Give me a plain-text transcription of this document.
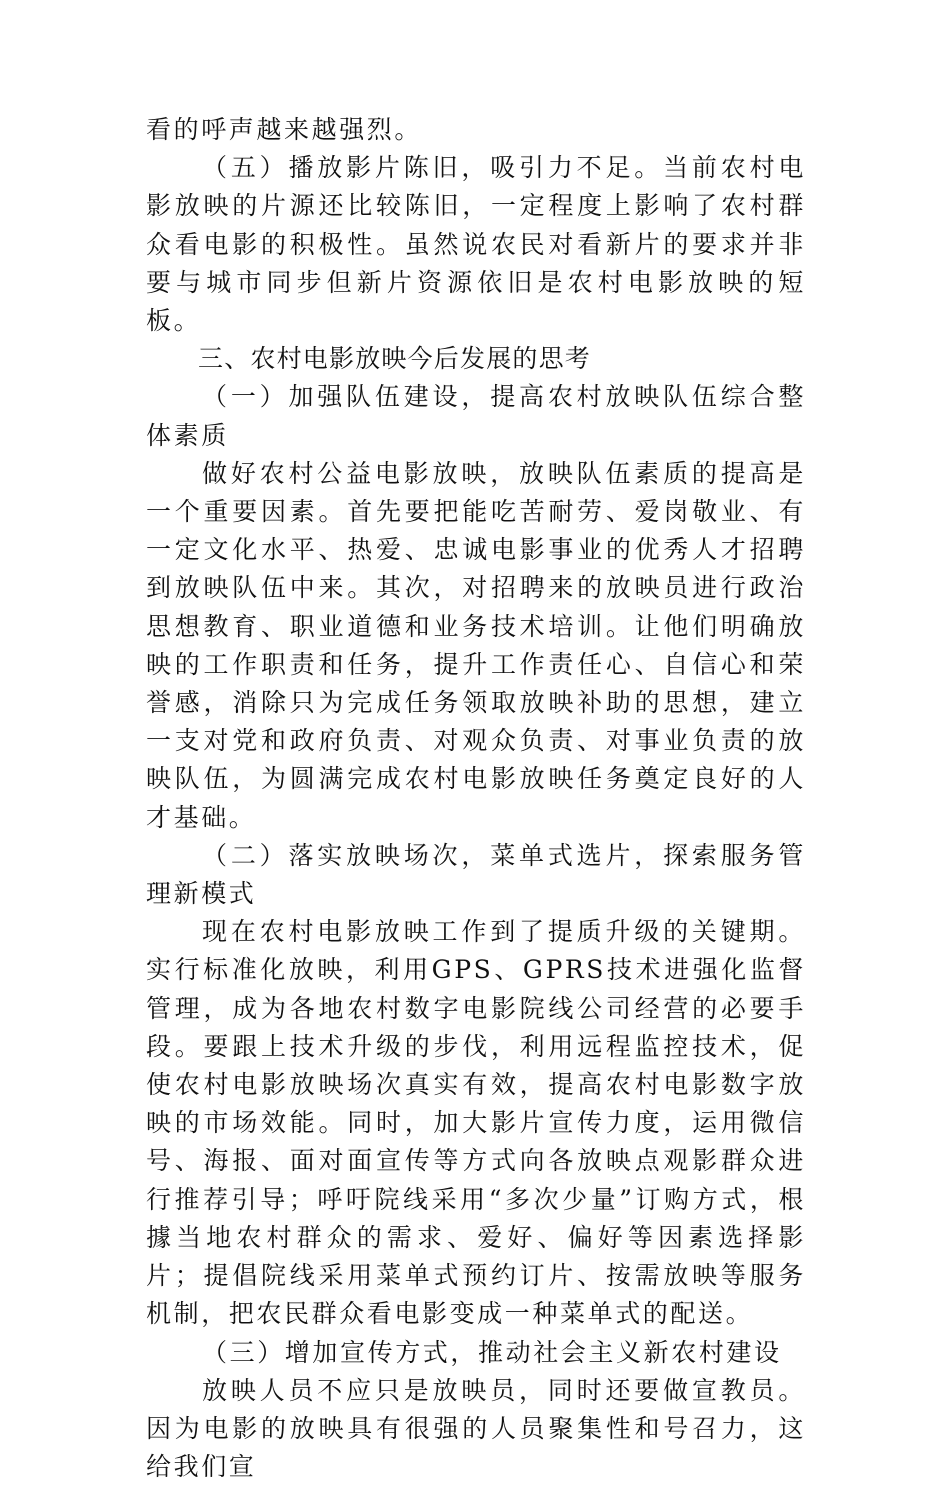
看的呼声越来越强烈。

（五）播放影片陈旧，吸引力不足。当前农村电影放映的片源还比较陈旧，一定程度上影响了农村群众看电影的积极性。虽然说农民对看新片的要求并非要与城市同步但新片资源依旧是农村电影放映的短板。

三、农村电影放映今后发展的思考

（一）加强队伍建设，提高农村放映队伍综合整体素质

做好农村公益电影放映，放映队伍素质的提高是一个重要因素。首先要把能吃苦耐劳、爱岗敬业、有一定文化水平、热爱、忠诚电影事业的优秀人才招聘到放映队伍中来。其次，对招聘来的放映员进行政治思想教育、职业道德和业务技术培训。让他们明确放映的工作职责和任务，提升工作责任心、自信心和荣誉感，消除只为完成任务领取放映补助的思想，建立一支对党和政府负责、对观众负责、对事业负责的放映队伍，为圆满完成农村电影放映任务奠定良好的人才基础。

（二）落实放映场次，菜单式选片，探索服务管理新模式

现在农村电影放映工作到了提质升级的关键期。实行标准化放映，利用GPS、GPRS技术进强化监督管理，成为各地农村数字电影院线公司经营的必要手段。要跟上技术升级的步伐，利用远程监控技术，促使农村电影放映场次真实有效，提高农村电影数字放映的市场效能。同时，加大影片宣传力度，运用微信号、海报、面对面宣传等方式向各放映点观影群众进行推荐引导；呼吁院线采用“多次少量”订购方式，根據当地农村群众的需求、爱好、偏好等因素选择影片；提倡院线采用菜单式预约订片、按需放映等服务机制，把农民群众看电影变成一种菜单式的配送。

（三）增加宣传方式，推动社会主义新农村建设

放映人员不应只是放映员，同时还要做宣教员。因为电影的放映具有很强的人员聚集性和号召力，这给我们宣
